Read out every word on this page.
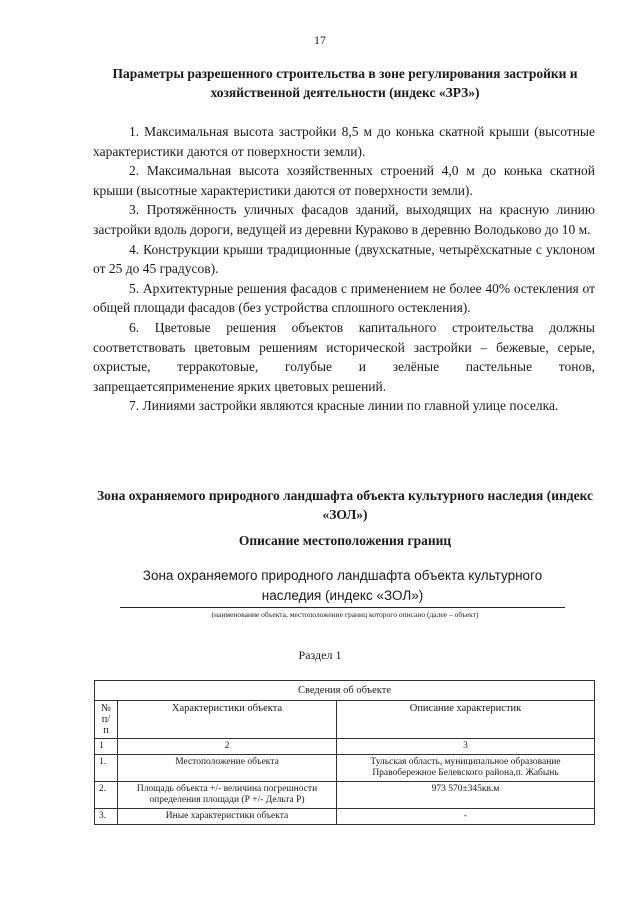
17
Параметры разрешенного строительства в зоне регулирования застройки и хозяйственной деятельности (индекс «ЗРЗ»)

1. Максимальная высота застройки 8,5 м до конька скатной крыши (высотные характеристики даются от поверхности земли).

2. Максимальная высота хозяйственных строений 4,0 м до конька скатной крыши (высотные характеристики даются от поверхности земли).

3. Протяжённость уличных фасадов зданий, выходящих на красную линию застройки вдоль дороги, ведущей из деревни Кураково в деревню Володьково до 10 м.

4. Конструкции крыши традиционные (двухскатные, четырёхскатные с уклоном от 25 до 45 градусов).

5. Архитектурные решения фасадов с применением не более 40% остекления от общей площади фасадов (без устройства сплошного остекления).

6. Цветовые решения объектов капитального строительства должны соответствовать цветовым решениям исторической застройки – бежевые, серые, охристые, терракотовые, голубые и зелёные пастельные тонов, запрещаетсяприменение ярких цветовых решений.

7. Линиями застройки являются красные линии по главной улице поселка.

Зона охраняемого природного ландшафта объекта культурного наследия (индекс «ЗОЛ»)
Описание местоположения границ
Зона охраняемого природного ландшафта объекта культурного наследия (индекс «ЗОЛ»)
(наименование объекта, местоположение границ которого описано (далее – объект)
Раздел 1
Сведения об объекте		
№ п/п	Характеристики объекта	Описание характеристик
1	2	3
1.	Местоположение объекта	Тульская область, муниципальное образование Правобережное Белевского района,п. Жабынь
2.	Площадь объекта +/- величина погрешности определения площади (Р +/- Дельта Р)	973 570±345кв.м
3.	Иные характеристики объекта	-
